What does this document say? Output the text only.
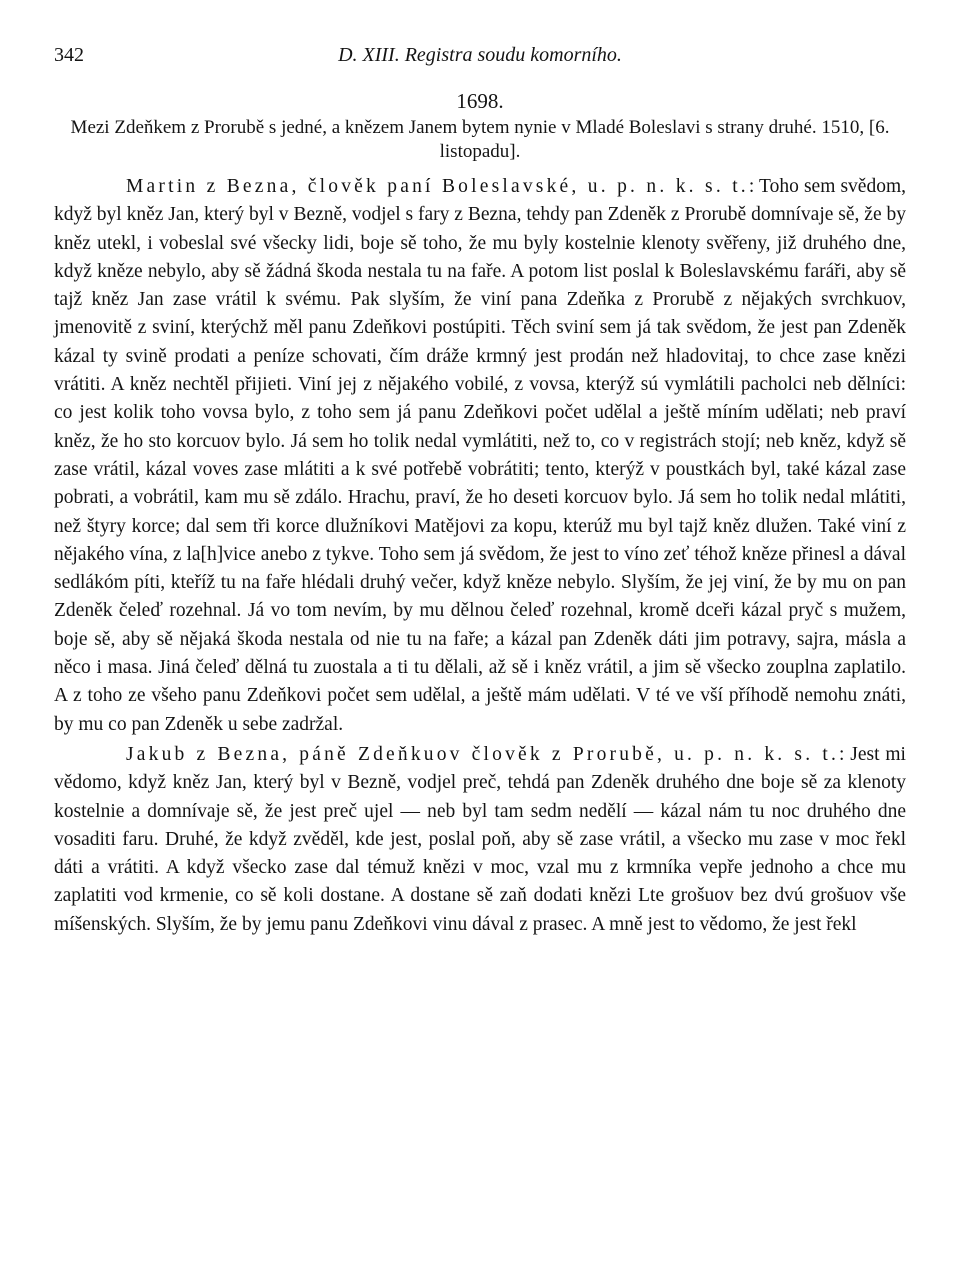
342	D. XIII. Registra soudu komorního.
1698.
Mezi Zdeňkem z Prorubě s jedné, a knězem Janem bytem nynie v Mladé Boleslavi s strany druhé. 1510, [6. listopadu].

Martin z Bezna, člověk paní Boleslavské, u. p. n. k. s. t.: Toho sem svědom, když byl kněz Jan, který byl v Bezně, vodjel s fary z Bezna, tehdy pan Zdeněk z Prorubě domnívaje sě, že by kněz utekl, i vobeslal své všecky lidi, boje sě toho, že mu byly kostelnie klenoty svěřeny, již druhého dne, když kněze nebylo, aby sě žádná škoda nestala tu na faře. A potom list poslal k Boleslavskému faráři, aby sě tajž kněz Jan zase vrátil k svému. Pak slyším, že viní pana Zdeňka z Prorubě z nějakých svrchkuov, jmenovitě z sviní, kterýchž měl panu Zdeňkovi postúpiti. Těch sviní sem já tak svědom, že jest pan Zdeněk kázal ty svině prodati a peníze schovati, čím dráže krmný jest prodán než hladovitaj, to chce zase knězi vrátiti. A kněz nechtěl přijieti. Viní jej z nějakého vobilé, z vovsa, kterýž sú vymlátili pacholci neb dělníci: co jest kolik toho vovsa bylo, z toho sem já panu Zdeňkovi počet udělal a ještě míním udělati; neb praví kněz, že ho sto korcuov bylo. Já sem ho tolik nedal vymlátiti, než to, co v registrách stojí; neb kněz, když sě zase vrátil, kázal voves zase mlátiti a k své potřebě vobrátiti; tento, kterýž v poustkách byl, také kázal zase pobrati, a vobrátil, kam mu sě zdálo. Hrachu, praví, že ho deseti korcuov bylo. Já sem ho tolik nedal mlátiti, než štyry korce; dal sem tři korce dlužníkovi Matějovi za kopu, kterúž mu byl tajž kněz dlužen. Také viní z nějakého vína, z la[h]vice anebo z tykve. Toho sem já svědom, že jest to víno zeť téhož kněze přinesl a dával sedlákóm píti, kteříž tu na faře hlédali druhý večer, když kněze nebylo. Slyším, že jej viní, že by mu on pan Zdeněk čeleď rozehnal. Já vo tom nevím, by mu dělnou čeleď rozehnal, kromě dceři kázal pryč s mužem, boje sě, aby sě nějaká škoda nestala od nie tu na faře; a kázal pan Zdeněk dáti jim potravy, sajra, másla a něco i masa. Jiná čeleď dělná tu zuostala a ti tu dělali, až sě i kněz vrátil, a jim sě všecko zouplna zaplatilo. A z toho ze všeho panu Zdeňkovi počet sem udělal, a ještě mám udělati. V té ve vší příhodě nemohu znáti, by mu co pan Zdeněk u sebe zadržal.

Jakub z Bezna, páně Zdeňkuov člověk z Prorubě, u. p. n. k. s. t.: Jest mi vědomo, když kněz Jan, který byl v Bezně, vodjel preč, tehdá pan Zdeněk druhého dne boje sě za klenoty kostelnie a domnívaje sě, že jest preč ujel — neb byl tam sedm nedělí — kázal nám tu noc druhého dne vosaditi faru. Druhé, že když zvěděl, kde jest, poslal poň, aby sě zase vrátil, a všecko mu zase v moc řekl dáti a vrátiti. A když všecko zase dal témuž knězi v moc, vzal mu z krmníka vepře jednoho a chce mu zaplatiti vod krmenie, co sě koli dostane. A dostane sě zaň dodati knězi Lte grošuov bez dvú grošuov vše míšenských. Slyším, že by jemu panu Zdeňkovi vinu dával z prasec. A mně jest to vědomo, že jest řekl
